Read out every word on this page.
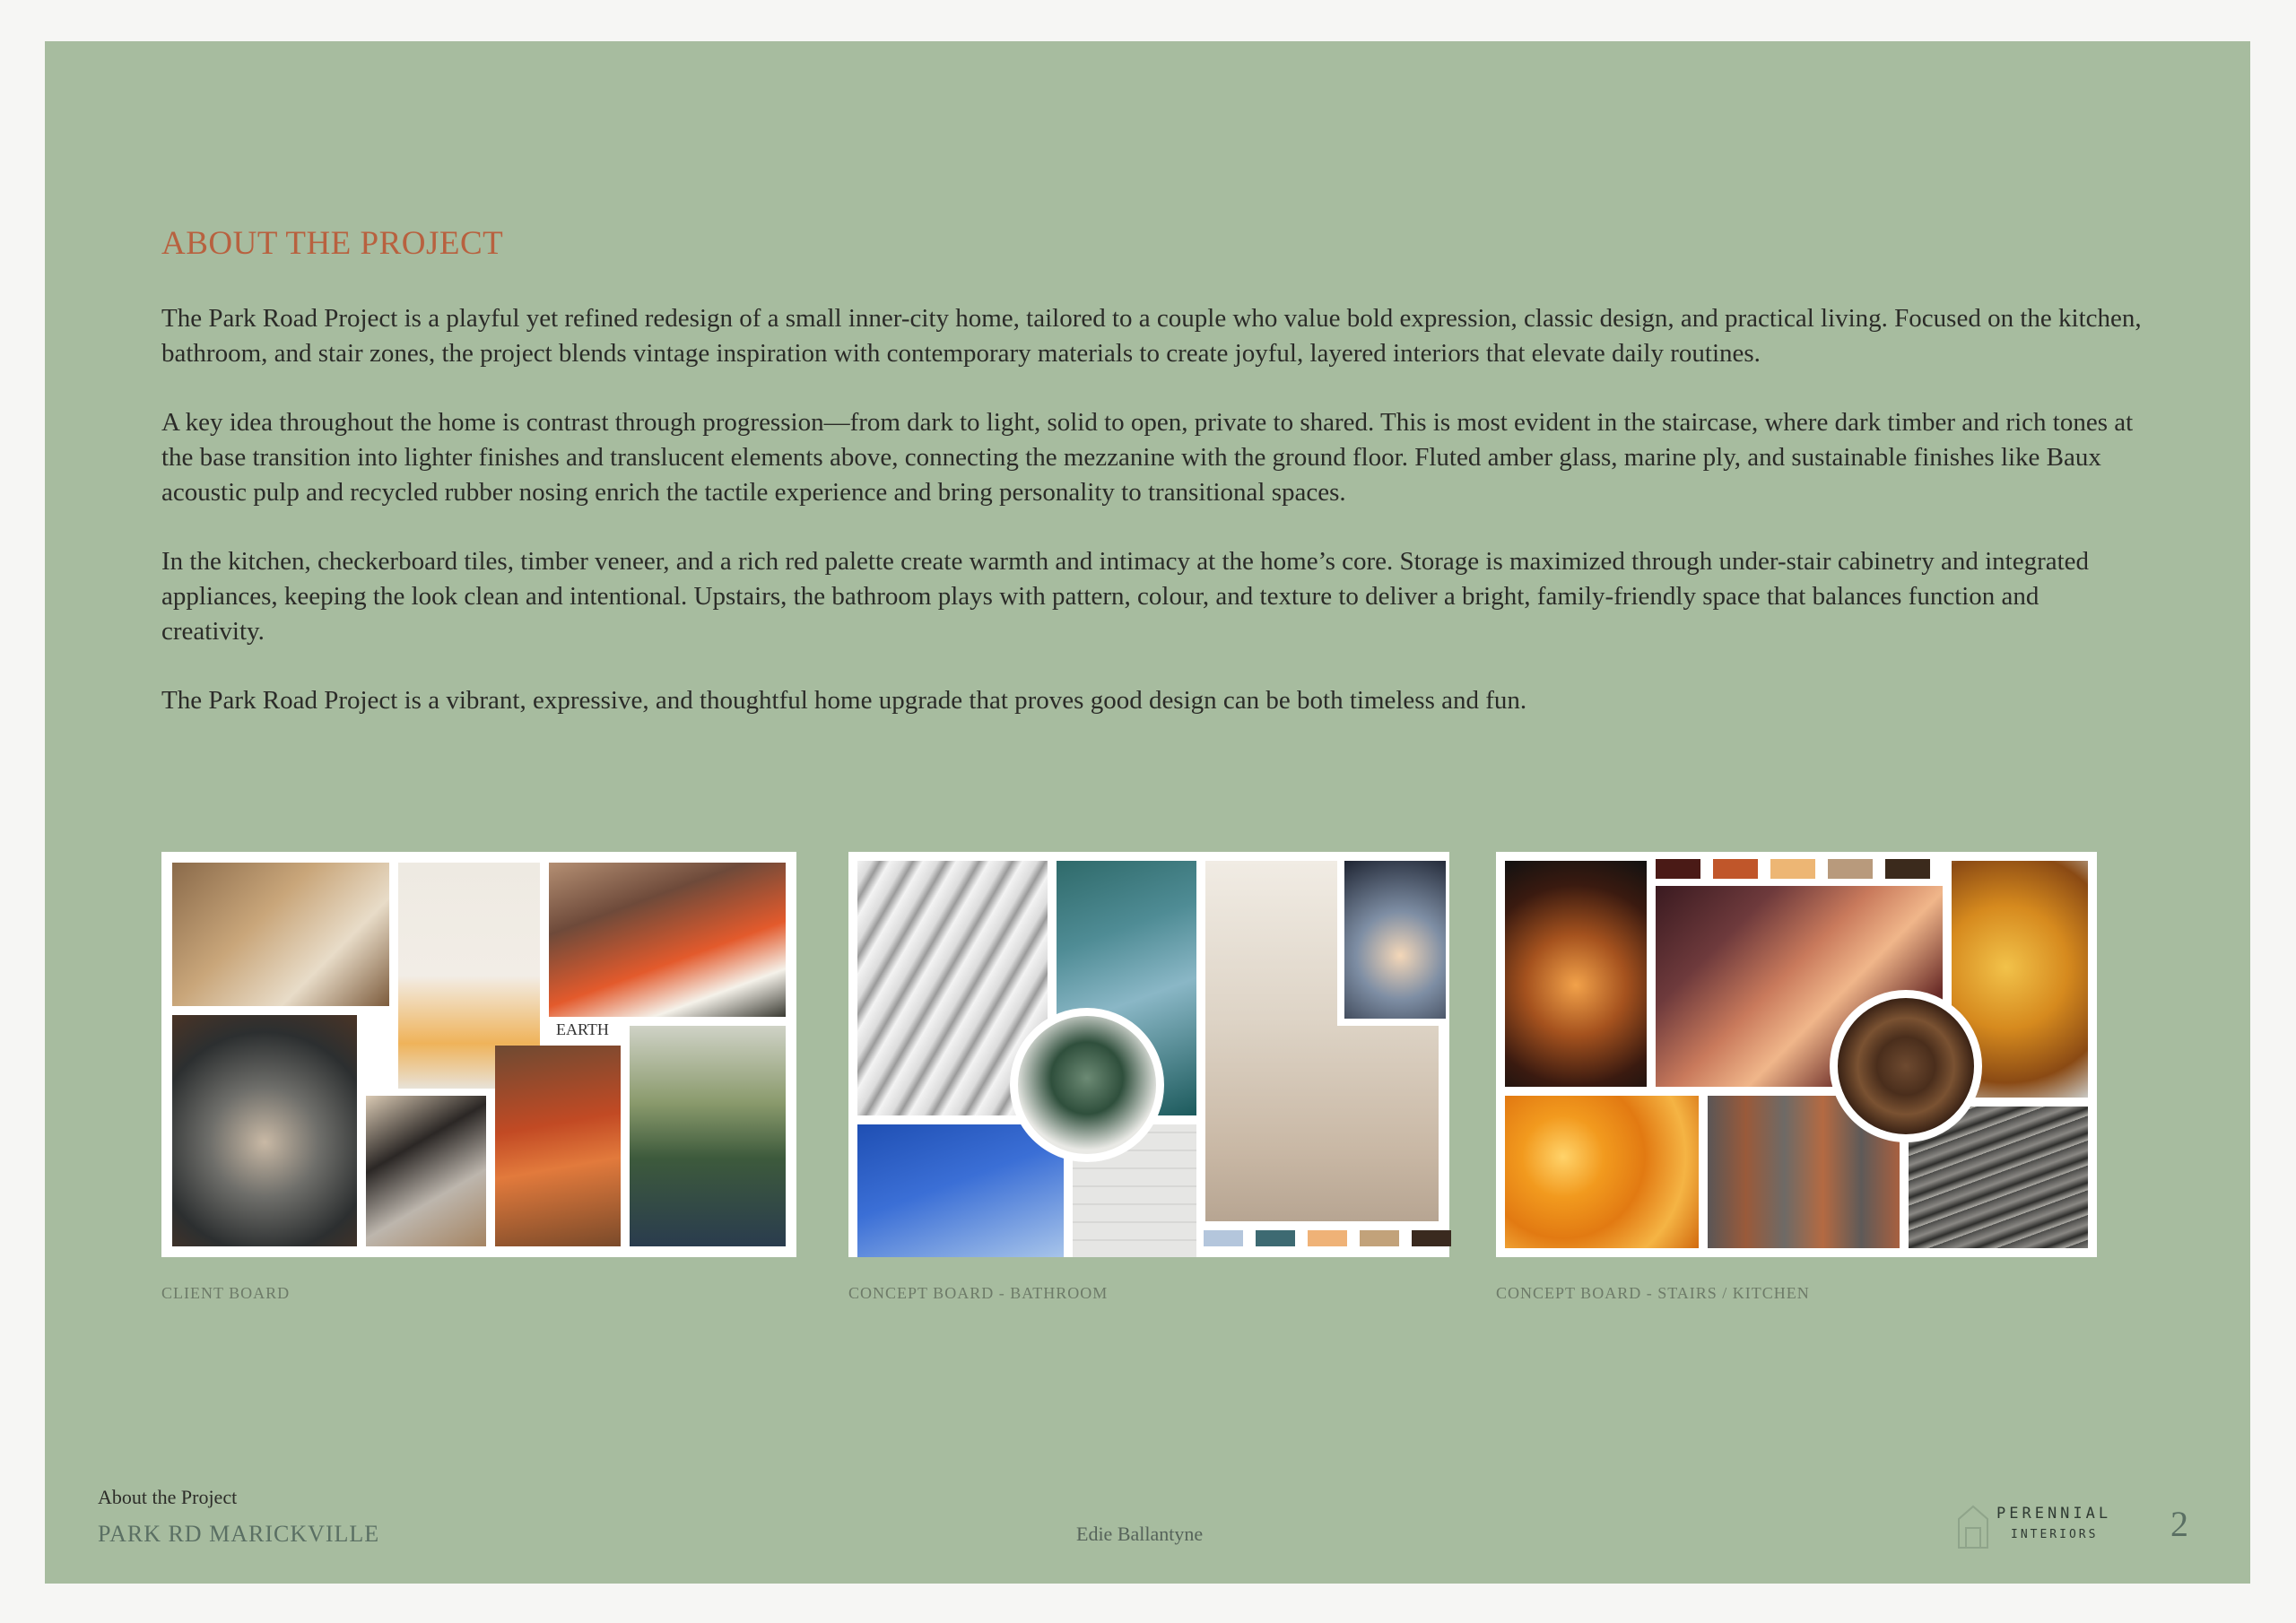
ABOUT THE PROJECT

The Park Road Project is a playful yet refined redesign of a small inner-city home, tailored to a couple who value bold expression, classic design, and practical living. Focused on the kitchen, bathroom, and stair zones, the project blends vintage inspiration with contemporary materials to create joyful, layered interiors that elevate daily routines.

A key idea throughout the home is contrast through progression—from dark to light, solid to open, private to shared. This is most evident in the staircase, where dark timber and rich tones at the base transition into lighter finishes and translucent elements above, connecting the mezzanine with the ground floor. Fluted amber glass, marine ply, and sustainable finishes like Baux acoustic pulp and recycled rubber nosing enrich the tactile experience and bring personality to transitional spaces.

In the kitchen, checkerboard tiles, timber veneer, and a rich red palette create warmth and intimacy at the home’s core. Storage is maximized through under-stair cabinetry and integrated appliances, keeping the look clean and intentional. Upstairs, the bathroom plays with pattern, colour, and texture to deliver a bright, family-friendly space that balances function and creativity.

The Park Road Project is a vibrant, expressive, and thoughtful home upgrade that proves good design can be both timeless and fun.

EARTH
CLIENT BOARD	CONCEPT BOARD - BATHROOM	CONCEPT BOARD - STAIRS / KITCHEN
About the Project
PARK RD MARICKVILLE	Edie Ballantyne
PERENNIAL
INTERIORS 2
